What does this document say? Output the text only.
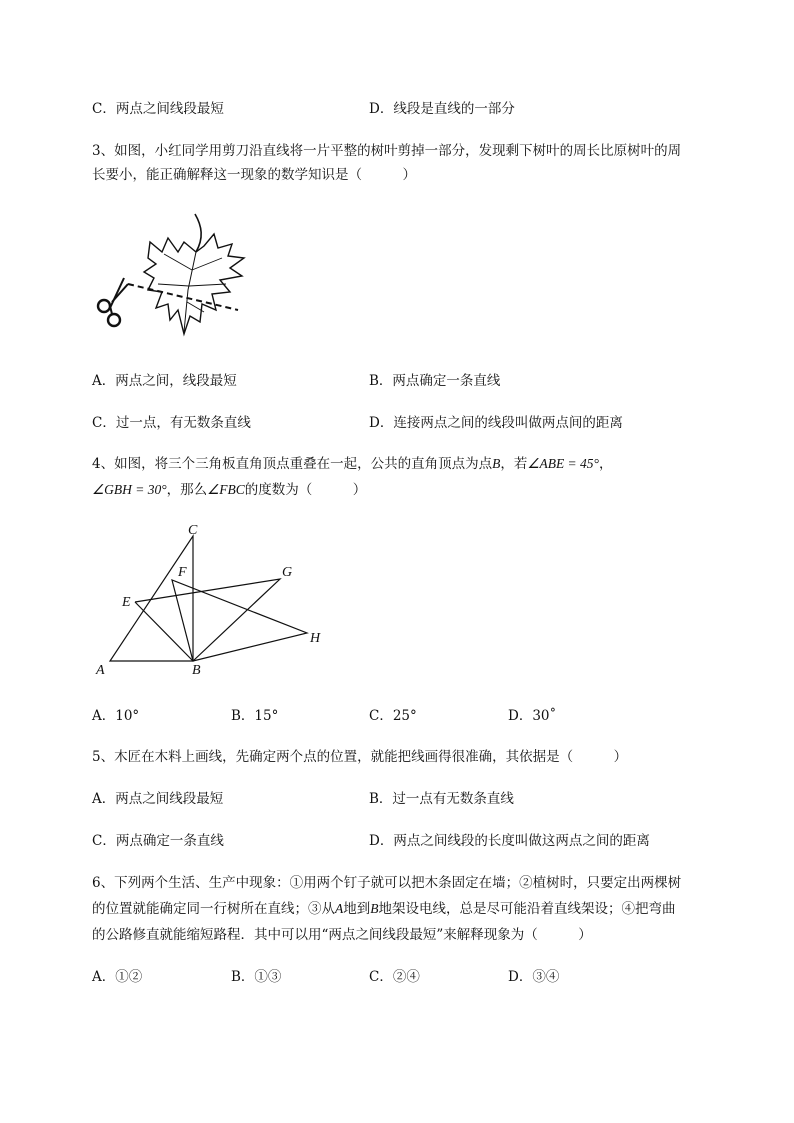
C．两点之间线段最短	D．线段是直线的一部分
3、如图，小红同学用剪刀沿直线将一片平整的树叶剪掉一部分，发现剩下树叶的周长比原树叶的周
长要小，能正确解释这一现象的数学知识是（　　　）
A．两点之间，线段最短	B．两点确定一条直线
C．过一点，有无数条直线	D．连接两点之间的线段叫做两点间的距离
4、如图，将三个三角板直角顶点重叠在一起，公共的直角顶点为点B，若∠ABE = 45°，
∠GBH = 30°，那么∠FBC的度数为（　　　）
C
F	G
E
H
A	B
A．10°	B．15°	C．25°	D．30˚
5、木匠在木料上画线，先确定两个点的位置，就能把线画得很准确，其依据是（　　　）
A．两点之间线段最短	B．过一点有无数条直线
C．两点确定一条直线	D．两点之间线段的长度叫做这两点之间的距离
6、下列两个生活、生产中现象：①用两个钉子就可以把木条固定在墙；②植树时，只要定出两棵树
的位置就能确定同一行树所在直线；③从A地到B地架设电线，总是尽可能沿着直线架设；④把弯曲
的公路修直就能缩短路程．其中可以用“两点之间线段最短”来解释现象为（　　　）
A．①②	B．①③	C．②④	D．③④
